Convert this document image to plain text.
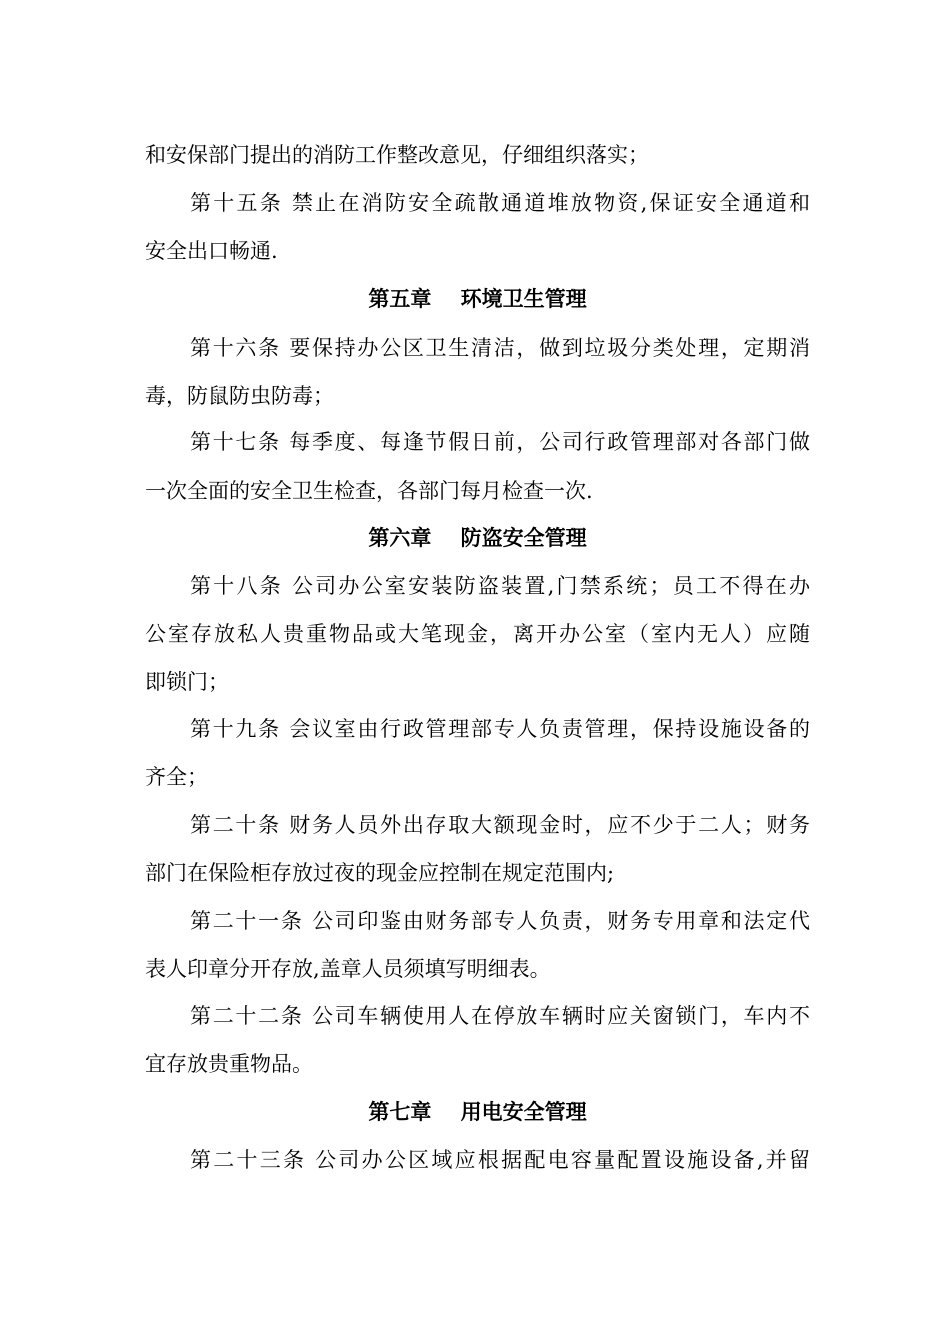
和安保部门提出的消防工作整改意见，仔细组织落实；
第十五条 禁止在消防安全疏散通道堆放物资,保证安全通道和
安全出口畅通.
第五章    环境卫生管理
第十六条 要保持办公区卫生清洁，做到垃圾分类处理，定期消
毒，防鼠防虫防毒；
第十七条 每季度、每逢节假日前，公司行政管理部对各部门做
一次全面的安全卫生检查，各部门每月检查一次.
第六章    防盗安全管理
第十八条 公司办公室安装防盗装置,门禁系统；员工不得在办
公室存放私人贵重物品或大笔现金，离开办公室（室内无人）应随
即锁门；
第十九条 会议室由行政管理部专人负责管理，保持设施设备的
齐全；
第二十条 财务人员外出存取大额现金时，应不少于二人；财务
部门在保险柜存放过夜的现金应控制在规定范围内;
第二十一条 公司印鉴由财务部专人负责，财务专用章和法定代
表人印章分开存放,盖章人员须填写明细表。
第二十二条 公司车辆使用人在停放车辆时应关窗锁门，车内不
宜存放贵重物品。
第七章    用电安全管理
第二十三条 公司办公区域应根据配电容量配置设施设备,并留
